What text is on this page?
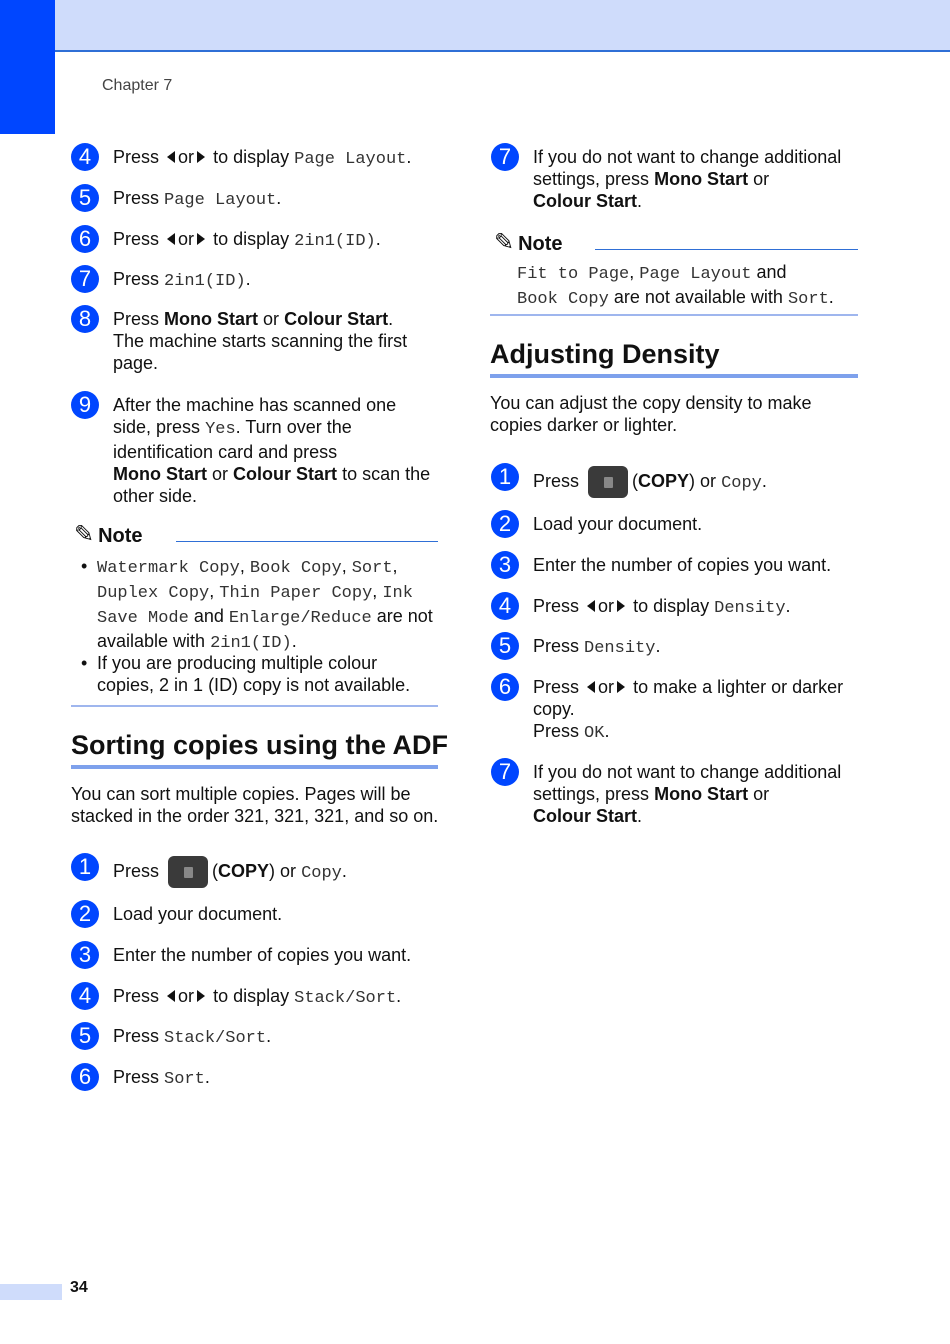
Chapter 7
4	Press or to display Page Layout.
5	Press Page Layout.
6	Press or to display 2in1(ID).
7	Press 2in1(ID).
8	Press Mono Start or Colour Start.
The machine starts scanning the first page.
9	After the machine has scanned one side, press Yes. Turn over the identification card and press
Mono Start or Colour Start to scan the other side.
✎ Note
• Watermark Copy, Book Copy, Sort, Duplex Copy, Thin Paper Copy, Ink Save Mode and Enlarge/Reduce are not available with 2in1(ID).
• If you are producing multiple colour copies, 2 in 1 (ID) copy is not available.
Sorting copies using the ADF
You can sort multiple copies. Pages will be stacked in the order 321, 321, 321, and so on.
1	Press	(COPY) or Copy.
2	Load your document.
3	Enter the number of copies you want.
4	Press or to display Stack/Sort.
5	Press Stack/Sort.
6	Press Sort.
7	If you do not want to change additional settings, press Mono Start or
Colour Start.
✎ Note
Fit to Page, Page Layout and
Book Copy are not available with Sort.
Adjusting Density
You can adjust the copy density to make copies darker or lighter.
1	Press	(COPY) or Copy.
2	Load your document.
3	Enter the number of copies you want.
4	Press or to display Density.
5	Press Density.
6	Press or to make a lighter or darker copy.
Press OK.
7	If you do not want to change additional settings, press Mono Start or
Colour Start.
34
